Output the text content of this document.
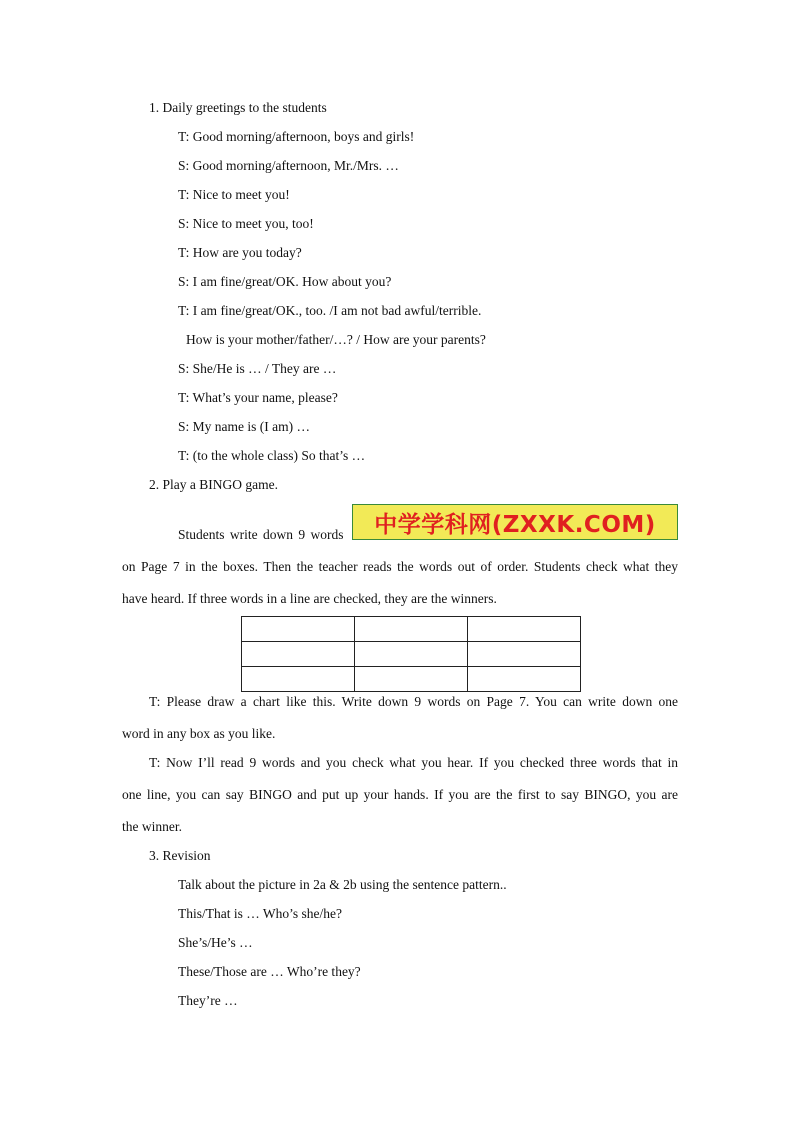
1. Daily greetings to the students
T: Good morning/afternoon, boys and girls!
S: Good morning/afternoon, Mr./Mrs. …
T: Nice to meet you!
S: Nice to meet you, too!
T: How are you today?
S: I am fine/great/OK. How about you?
T: I am fine/great/OK., too. /I am not bad awful/terrible.
How is your mother/father/…? / How are your parents?
S: She/He is … / They are …
T: What’s your name, please?
S: My name is (I am) …
T: (to the whole class) So that’s …
2. Play a BINGO game.
Students write down 9 words 中学学科网(ZXXK.COM)
on Page 7 in the boxes. Then the teacher reads the words out of order. Students check what they
have heard. If three words in a line are checked, they are the winners.

T: Please draw a chart like this. Write down 9 words on Page 7. You can write down one
word in any box as you like.
T: Now I’ll read 9 words and you check what you hear. If you checked three words that in
one line, you can say BINGO and put up your hands. If you are the first to say BINGO, you are
the winner.
3. Revision
Talk about the picture in 2a & 2b using the sentence pattern..
This/That is … Who’s she/he?
She’s/He’s …
These/Those are … Who’re they?
They’re …
